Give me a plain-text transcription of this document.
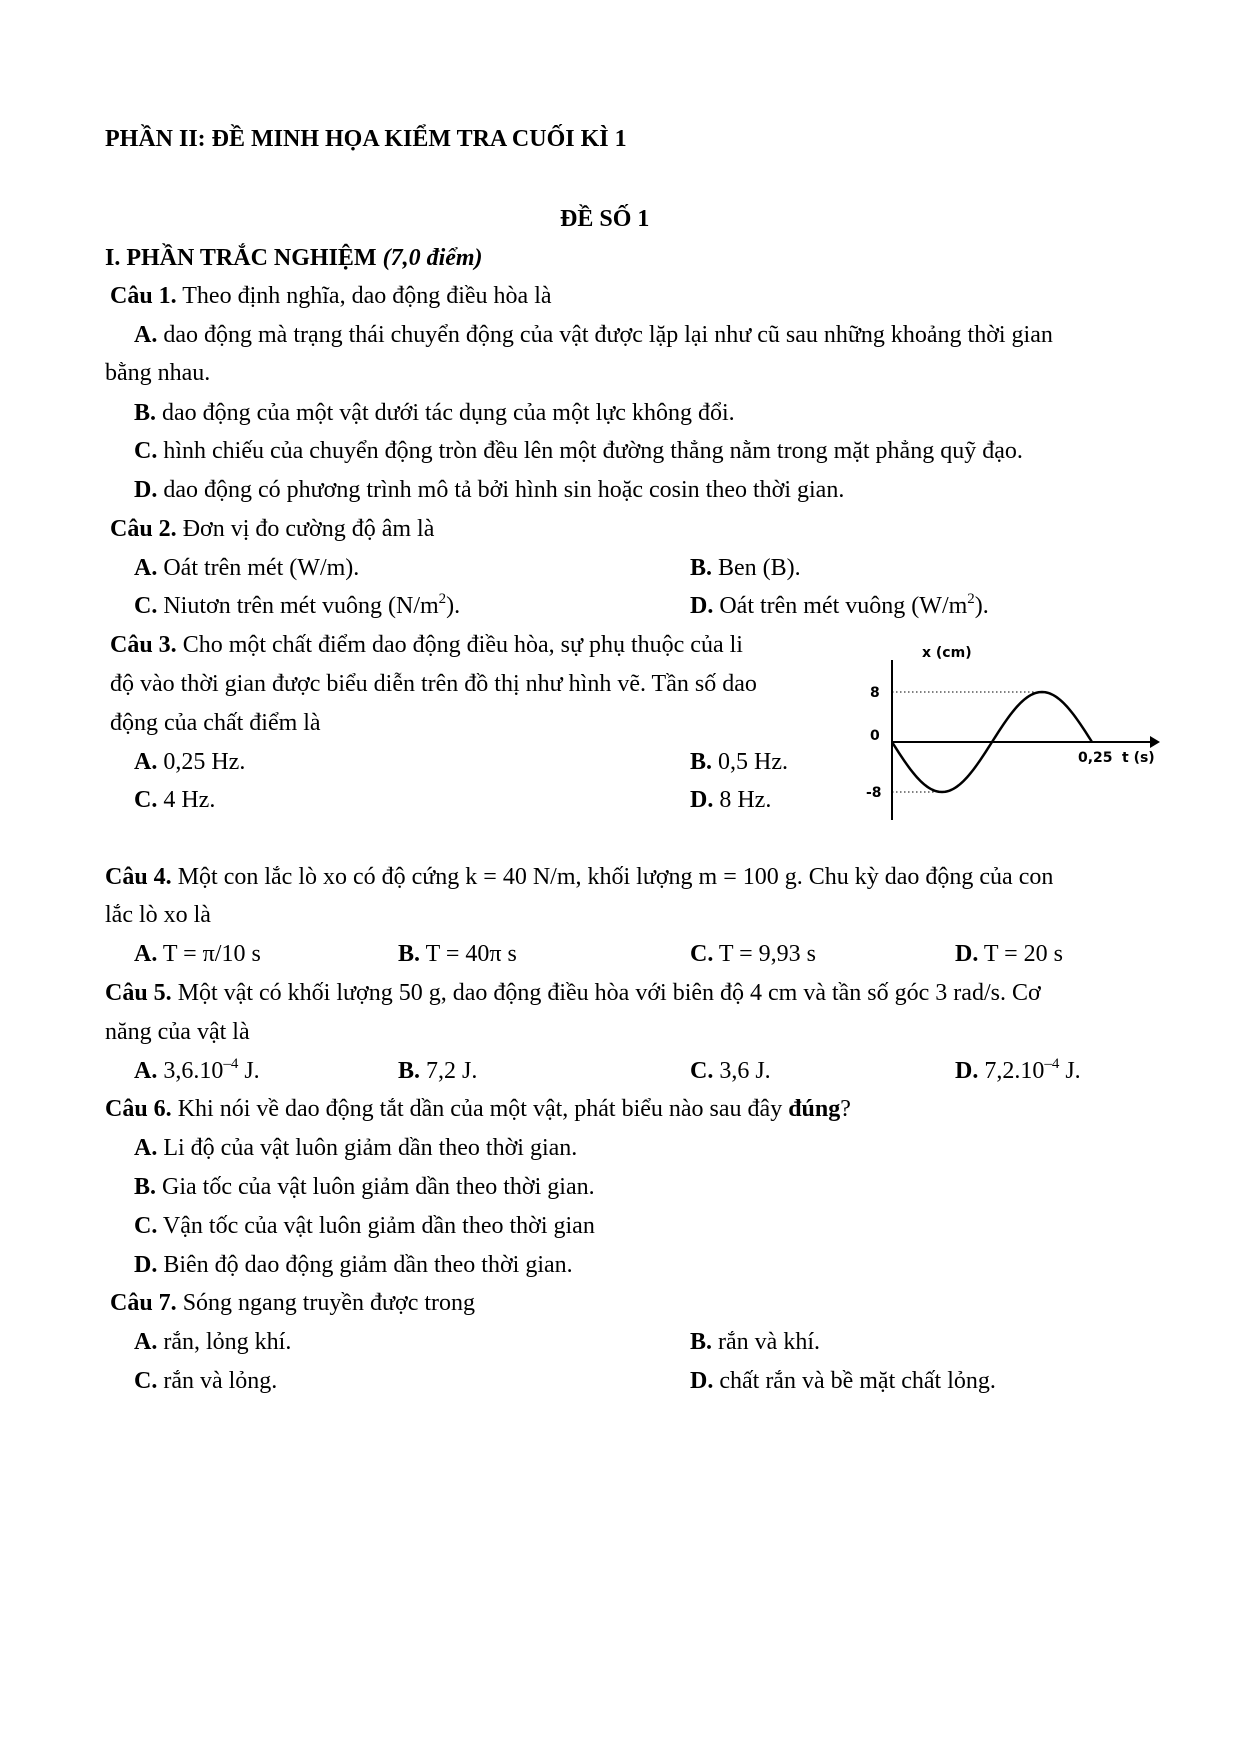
PHẦN II: ĐỀ MINH HỌA KIỂM TRA CUỐI KÌ 1
ĐỀ SỐ 1
I. PHẦN TRẮC NGHIỆM (7,0 điểm)
Câu 1. Theo định nghĩa, dao động điều hòa là
A. dao động mà trạng thái chuyển động của vật được lặp lại như cũ sau những khoảng thời gian
bằng nhau.
B. dao động của một vật dưới tác dụng của một lực không đổi.
C. hình chiếu của chuyển động tròn đều lên một đường thẳng nằm trong mặt phẳng quỹ đạo.
D. dao động có phương trình mô tả bởi hình sin hoặc cosin theo thời gian.
Câu 2. Đơn vị đo cường độ âm là
A. Oát trên mét (W/m).	B. Ben (B).
C. Niutơn trên mét vuông $(N/m^2)$.	D. Oát trên mét vuông $(W/m^2)$.
Câu 3. Cho một chất điểm dao động điều hòa, sự phụ thuộc của li
độ vào thời gian được biểu diễn trên đồ thị như hình vẽ. Tần số dao
động của chất điểm là
A. 0,25 Hz.	B. 0,5 Hz.
C. 4 Hz.	D. 8 Hz.
x (cm)
8
0
-8
0,25 t (s)
Câu 4. Một con lắc lò xo có độ cứng k = 40 N/m, khối lượng m = 100 g. Chu kỳ dao động của con
lắc lò xo là
A. T = π/10 s	B. T = 40π s	C. T = 9,93 s	D. T = 20 s
Câu 5. Một vật có khối lượng 50 g, dao động điều hòa với biên độ 4 cm và tần số góc 3 rad/s. Cơ
năng của vật là
A. $3,6.10^{-4}$ J.	B. 7,2 J.	C. 3,6 J.	D. $7,2.10^{-4}$ J.
Câu 6. Khi nói về dao động tắt dần của một vật, phát biểu nào sau đây đúng?
A. Li độ của vật luôn giảm dần theo thời gian.
B. Gia tốc của vật luôn giảm dần theo thời gian.
C. Vận tốc của vật luôn giảm dần theo thời gian
D. Biên độ dao động giảm dần theo thời gian.
Câu 7. Sóng ngang truyền được trong
A. rắn, lỏng khí.	B. rắn và khí.
C. rắn và lỏng.	D. chất rắn và bề mặt chất lỏng.
